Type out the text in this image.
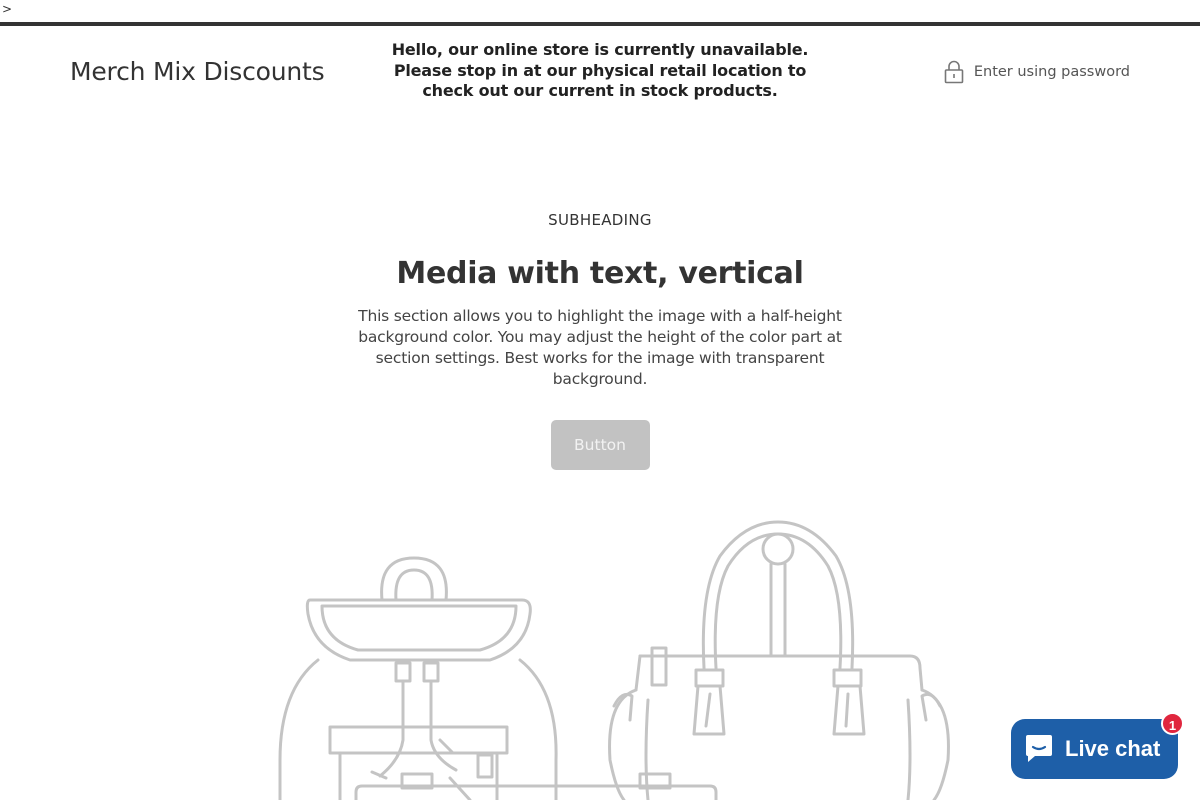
>
Merch Mix Discounts
Hello, our online store is currently unavailable. Please stop in at our physical retail location to check out our current in stock products.
Enter using password
SUBHEADING
Media with text, vertical

This section allows you to highlight the image with a half-height background color. You may adjust the height of the color part at section settings. Best works for the image with transparent background.

Button
Live chat
1
